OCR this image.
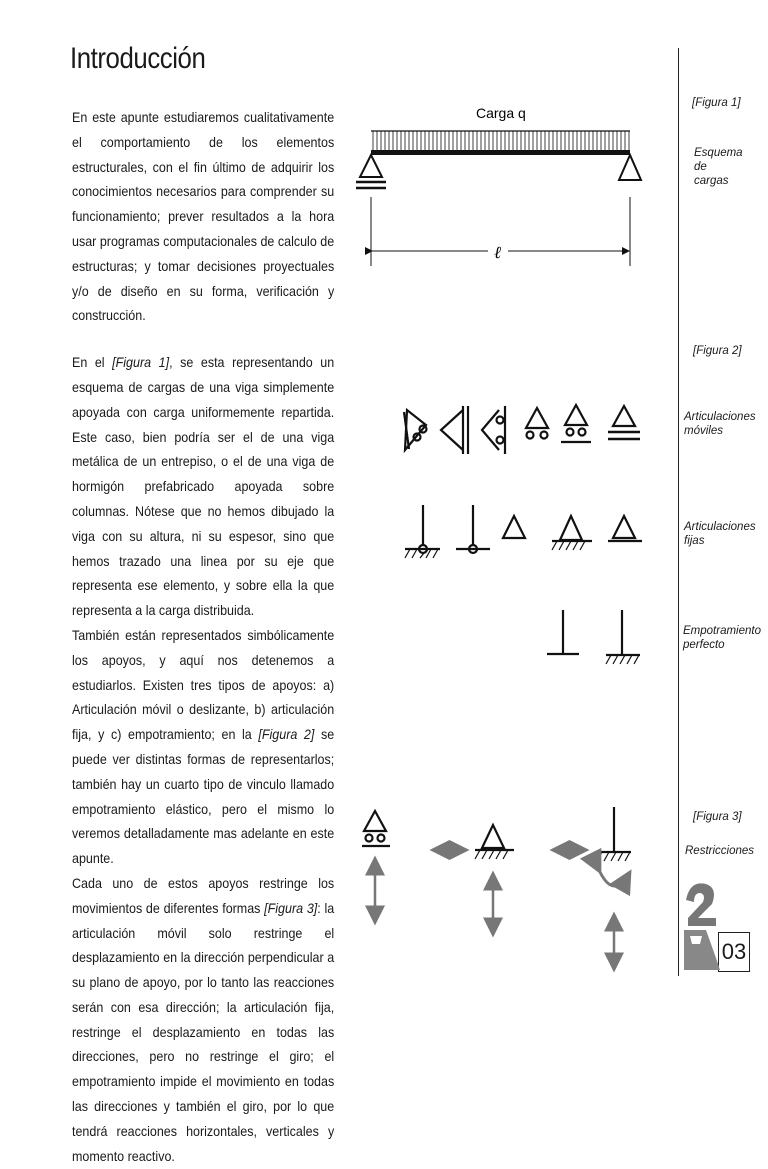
Introducción

En este apunte estudiaremos cualitativamente el comportamiento de los elementos estructurales, con el fin último de adquirir los conocimientos necesarios para comprender su funcionamiento; prever resultados a la hora usar programas computacionales de calculo de estructuras; y tomar decisiones proyectuales y/o de diseño en su forma, verificación y construcción.

En el [Figura 1], se esta representando un esquema de cargas de una viga simplemente apoyada con carga uniformemente repartida. Este caso, bien podría ser el de una viga metálica de un entrepiso, o el de una viga de hormigón prefabricado apoyada sobre columnas. Nótese que no hemos dibujado la viga con su altura, ni su espesor, sino que hemos trazado una linea por su eje que representa ese elemento, y sobre ella la que representa a la carga distribuida.

También están representados simbólicamente los apoyos, y aquí nos detenemos a estudiarlos. Existen tres tipos de apoyos: a) Articulación móvil o deslizante, b) articulación fija, y c) empotramiento; en la [Figura 2] se puede ver distintas formas de representarlos; también hay un cuarto tipo de vinculo llamado empotramiento elástico, pero el mismo lo veremos detalladamente mas adelante en este apunte.

Cada uno de estos apoyos restringe los movimientos de diferentes formas [Figura 3]: la articulación móvil solo restringe el desplazamiento en la dirección perpendicular a su plano de apoyo, por lo tanto las reacciones serán con esa dirección; la articulación fija, restringe el desplazamiento en todas las direcciones, pero no restringe el giro; el empotramiento impide el movimiento en todas las direcciones y también el giro, por lo que tendrá reacciones horizontales, verticales y momento reactivo.

[Figura 1]
Esquema de cargas
[Figura 2]
Articulaciones móviles
Articulaciones fijas
Empotramiento perfecto
[Figura 3]
Restricciones
03
Carga q
ℓ
